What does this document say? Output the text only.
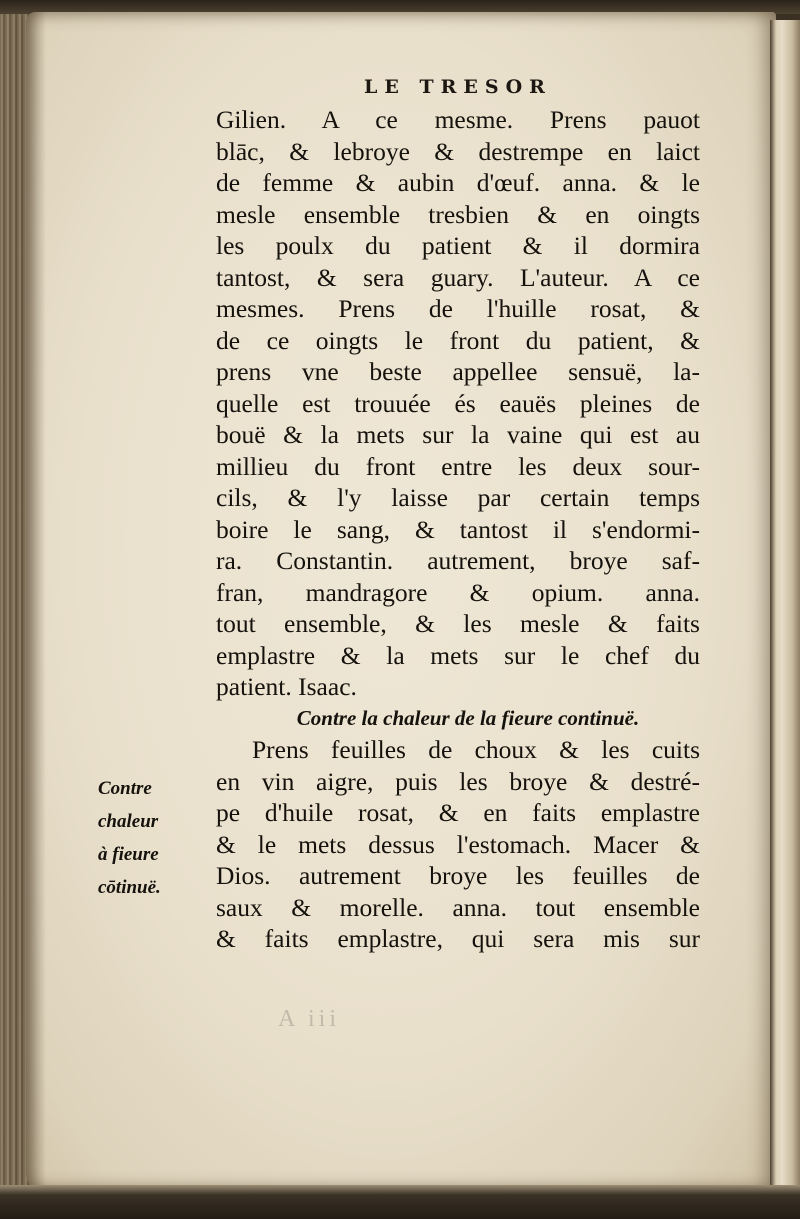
LE TRESOR
Gilien. A ce mesme. Prens pauot
blāc, & lebroye & destrempe en laict
de femme & aubin d'œuf. anna. & le
mesle ensemble tresbien & en oingts
les poulx du patient & il dormira
tantost, & sera guary. L'auteur. A ce
mesmes. Prens de l'huille rosat, &
de ce oingts le front du patient, &
prens vne beste appellee sensuë, la-
quelle est trouuée és eauës pleines de
bouë & la mets sur la vaine qui est au
millieu du front entre les deux sour-
cils, & l'y laisse par certain temps
boire le sang, & tantost il s'endormi-
ra. Constantin. autrement, broye saf-
fran, mandragore & opium. anna.
tout ensemble, & les mesle & faits
emplastre & la mets sur le chef du
patient. Isaac.
Contre la chaleur de la fieure continuë.
Prens feuilles de choux & les cuits
en vin aigre, puis les broye & destré-
pe d'huile rosat, & en faits emplastre
& le mets dessus l'estomach. Macer &
Dios. autrement broye les feuilles de
saux & morelle. anna. tout ensemble
& faits emplastre, qui sera mis sur
Contre
chaleur
à fieure
cōtinuë.
A iii
